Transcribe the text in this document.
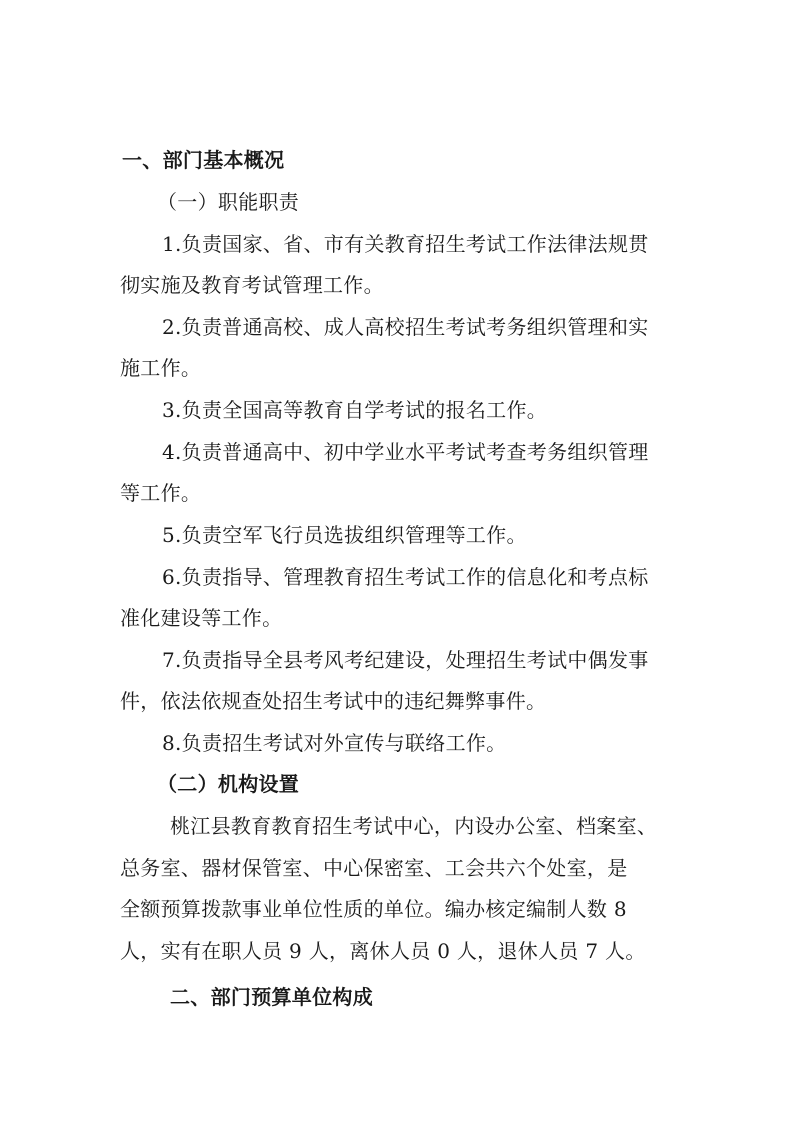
一、部门基本概况
（一）职能职责
1.负责国家、省、市有关教育招生考试工作法律法规贯
彻实施及教育考试管理工作。
2.负责普通高校、成人高校招生考试考务组织管理和实
施工作。
3.负责全国高等教育自学考试的报名工作。
4.负责普通高中、初中学业水平考试考查考务组织管理
等工作。
5.负责空军飞行员选拔组织管理等工作。
6.负责指导、管理教育招生考试工作的信息化和考点标
准化建设等工作。
7.负责指导全县考风考纪建设，处理招生考试中偶发事
件，依法依规查处招生考试中的违纪舞弊事件。
8.负责招生考试对外宣传与联络工作。
（二）机构设置
桃江县教育教育招生考试中心，内设办公室、档案室、
总务室、器材保管室、中心保密室、工会共六个处室，是
全额预算拨款事业单位性质的单位。编办核定编制人数 8
人，实有在职人员 9 人，离休人员 0 人，退休人员 7 人。
二、部门预算单位构成
